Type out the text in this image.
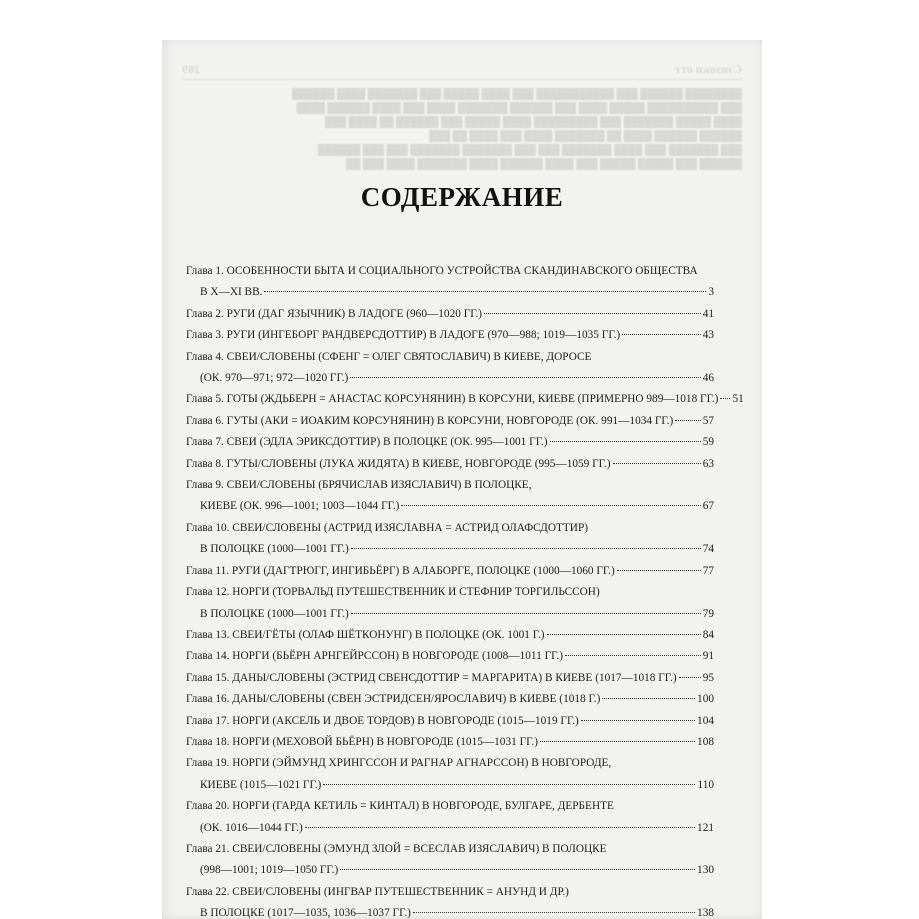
Cэнэвкн отт
289
████████ ██████ ███ ███████████ ███ ████ █████ ███ ███████ ████ ██████
███ ██████████ █████ ████ ███ ██████ ███████ ████ ███ ████ ██████ ████
████ █████ ███████ ███ █████████ ████ █████ ███ ██████ ██ ████ ███
██████ ██████ ████ ██ ███████ ████ ███ ████ ██ ███
███ ███████ ███ ████ ███████ ███ ███ ███████ ███████ ███ ███ ██████
██████ ███ █████ █████ ███ ████ ██████ ████ ███████ ████ ███ ██
СОДЕРЖАНИЕ
Глава 1. ОСОБЕННОСТИ БЫТА И СОЦИАЛЬНОГО УСТРОЙСТВА СКАНДИНАВСКОГО ОБЩЕСТВА
В X—XI ВВ.	3
Глава 2. РУГИ (ДАГ ЯЗЫЧНИК) В ЛАДОГЕ (960—1020 ГГ.)	41
Глава 3. РУГИ (ИНГЕБОРГ РАНДВЕРСДОТТИР) В ЛАДОГЕ (970—988; 1019—1035 ГГ.)	43
Глава 4. СВЕИ/СЛОВЕНЫ (СФЕНГ = ОЛЕГ СВЯТОСЛАВИЧ) В КИЕВЕ, ДОРОСЕ
(ОК. 970—971; 972—1020 ГГ.)	46
Глава 5. ГОТЫ (ЖДЬБЕРН = АНАСТАС КОРСУНЯНИН) В КОРСУНИ, КИЕВЕ (ПРИМЕРНО 989—1018 ГГ.) 51
Глава 6. ГУТЫ (АКИ = ИОАКИМ КОРСУНЯНИН) В КОРСУНИ, НОВГОРОДЕ (ОК. 991—1034 ГГ.)	57
Глава 7. СВЕИ (ЭДЛА ЭРИКСДОТТИР) В ПОЛОЦКЕ (ОК. 995—1001 ГГ.)	59
Глава 8. ГУТЫ/СЛОВЕНЫ (ЛУКА ЖИДЯТА) В КИЕВЕ, НОВГОРОДЕ (995—1059 ГГ.)	63
Глава 9. СВЕИ/СЛОВЕНЫ (БРЯЧИСЛАВ ИЗЯСЛАВИЧ) В ПОЛОЦКЕ,
КИЕВЕ (ОК. 996—1001; 1003—1044 ГГ.)	67
Глава 10. СВЕИ/СЛОВЕНЫ (АСТРИД ИЗЯСЛАВНА = АСТРИД ОЛАФСДОТТИР)
В ПОЛОЦКЕ (1000—1001 ГГ.)	74
Глава 11. РУГИ (ДАГТРЮГГ, ИНГИБЬЁРГ) В АЛАБОРГЕ, ПОЛОЦКЕ (1000—1060 ГГ.)	77
Глава 12. НОРГИ (ТОРВАЛЬД ПУТЕШЕСТВЕННИК И СТЕФНИР ТОРГИЛЬССОН)
В ПОЛОЦКЕ (1000—1001 ГГ.)	79
Глава 13. СВЕИ/ГЁТЫ (ОЛАФ ШЁТКОНУНГ) В ПОЛОЦКЕ (ОК. 1001 Г.)	84
Глава 14. НОРГИ (БЬЁРН АРНГЕЙРССОН) В НОВГОРОДЕ (1008—1011 ГГ.)	91
Глава 15. ДАНЫ/СЛОВЕНЫ (ЭСТРИД СВЕНСДОТТИР = МАРГАРИТА) В КИЕВЕ (1017—1018 ГГ.) 95
Глава 16. ДАНЫ/СЛОВЕНЫ (СВЕН ЭСТРИДСЕН/ЯРОСЛАВИЧ) В КИЕВЕ (1018 Г.)	100
Глава 17. НОРГИ (АКСЕЛЬ И ДВОЕ ТОРДОВ) В НОВГОРОДЕ (1015—1019 ГГ.)	104
Глава 18. НОРГИ (МЕХОВОЙ БЬЁРН) В НОВГОРОДЕ (1015—1031 ГГ.)	108
Глава 19. НОРГИ (ЭЙМУНД ХРИНГССОН И РАГНАР АГНАРССОН) В НОВГОРОДЕ,
КИЕВЕ (1015—1021 ГГ.)	110
Глава 20. НОРГИ (ГАРДА КЕТИЛЬ = КИНТАЛ) В НОВГОРОДЕ, БУЛГАРЕ, ДЕРБЕНТЕ
(ОК. 1016—1044 ГГ.)	121
Глава 21. СВЕИ/СЛОВЕНЫ (ЭМУНД ЗЛОЙ = ВСЕСЛАВ ИЗЯСЛАВИЧ) В ПОЛОЦКЕ
(998—1001; 1019—1050 ГГ.)	130
Глава 22. СВЕИ/СЛОВЕНЫ (ИНГВАР ПУТЕШЕСТВЕННИК = АНУНД И ДР.)
В ПОЛОЦКЕ (1017—1035, 1036—1037 ГГ.)	138
